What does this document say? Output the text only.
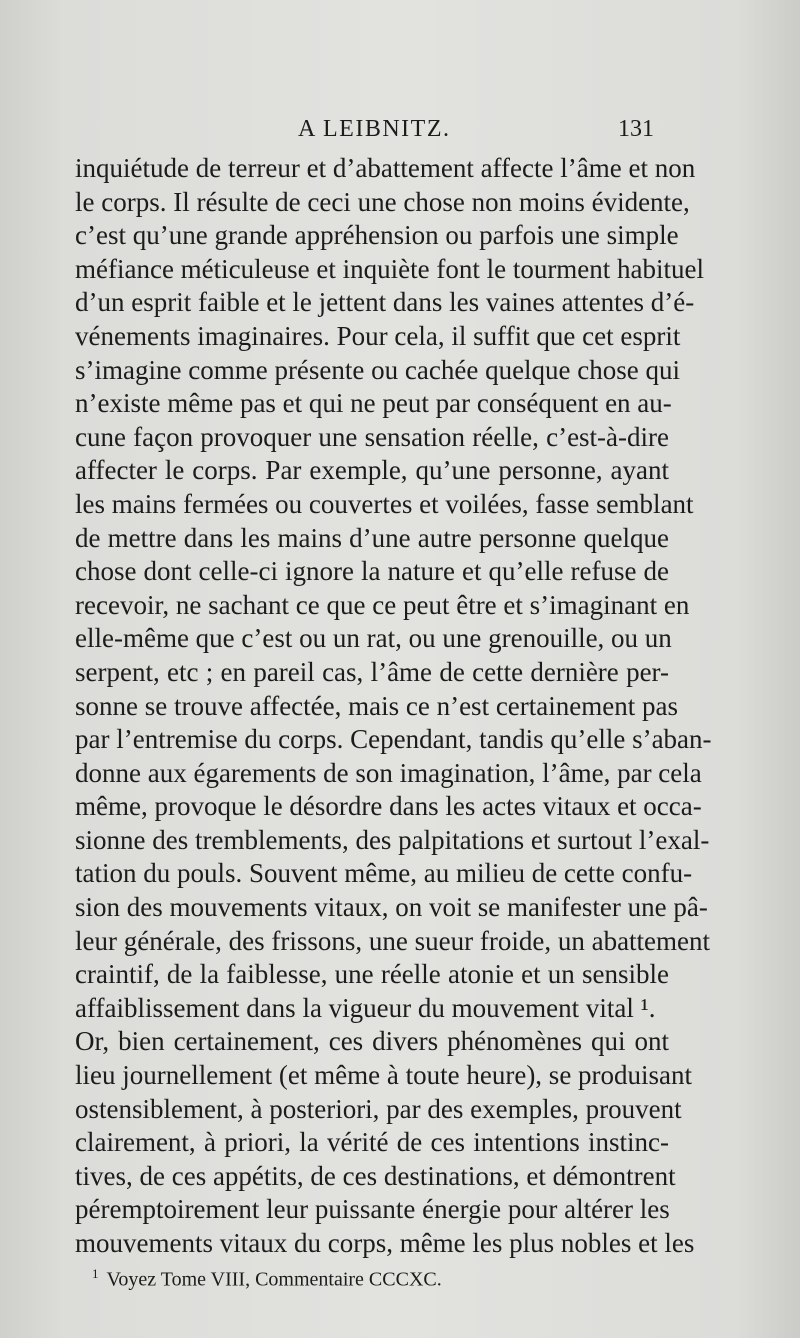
A LEIBNITZ.	131
inquiétude de terreur et d’abattement affecte l’âme et non
le corps. Il résulte de ceci une chose non moins évidente,
c’est qu’une grande appréhension ou parfois une simple
méfiance méticuleuse et inquiète font le tourment habituel
d’un esprit faible et le jettent dans les vaines attentes d’é-
vénements imaginaires. Pour cela, il suffit que cet esprit
s’imagine comme présente ou cachée quelque chose qui
n’existe même pas et qui ne peut par conséquent en au-
cune façon provoquer une sensation réelle, c’est-à-dire
affecter le corps. Par exemple, qu’une personne, ayant
les mains fermées ou couvertes et voilées, fasse semblant
de mettre dans les mains d’une autre personne quelque
chose dont celle-ci ignore la nature et qu’elle refuse de
recevoir, ne sachant ce que ce peut être et s’imaginant en
elle-même que c’est ou un rat, ou une grenouille, ou un
serpent, etc ; en pareil cas, l’âme de cette dernière per-
sonne se trouve affectée, mais ce n’est certainement pas
par l’entremise du corps. Cependant, tandis qu’elle s’aban-
donne aux égarements de son imagination, l’âme, par cela
même, provoque le désordre dans les actes vitaux et occa-
sionne des tremblements, des palpitations et surtout l’exal-
tation du pouls. Souvent même, au milieu de cette confu-
sion des mouvements vitaux, on voit se manifester une pâ-
leur générale, des frissons, une sueur froide, un abattement
craintif, de la faiblesse, une réelle atonie et un sensible
affaiblissement dans la vigueur du mouvement vital ¹.
Or, bien certainement, ces divers phénomènes qui ont
lieu journellement (et même à toute heure), se produisant
ostensiblement, à posteriori, par des exemples, prouvent
clairement, à priori, la vérité de ces intentions instinc-
tives, de ces appétits, de ces destinations, et démontrent
péremptoirement leur puissante énergie pour altérer les
mouvements vitaux du corps, même les plus nobles et les
$^1$ Voyez Tome VIII, Commentaire CCCXC.
